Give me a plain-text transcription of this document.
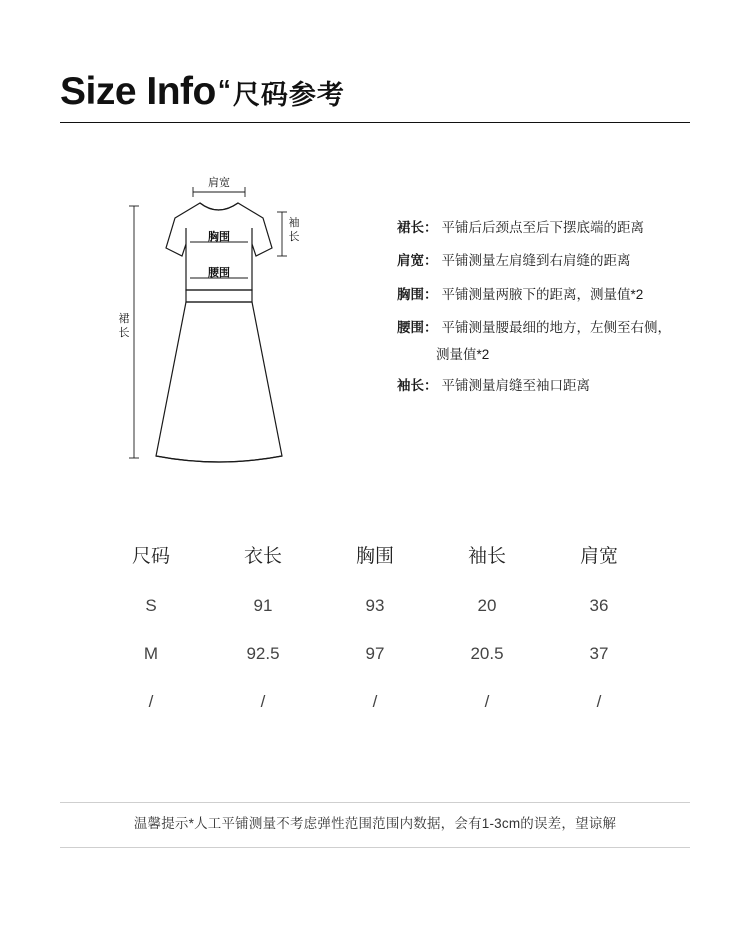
Size Info “ 尺码参考
肩宽
胸围
腰围
袖
长
裙
长
裙长 ： 平铺后后颈点至后下摆底端的距离
肩宽 ： 平铺测量左肩缝到右肩缝的距离
胸围 ： 平铺测量两腋下的距离，测量值*2
腰围 ： 平铺测量腰最细的地方，左侧至右侧，
测量值*2
袖长 ： 平铺测量肩缝至袖口距离
尺码	衣长	胸围	袖长	肩宽
S	91	93	20	36
M	92.5	97	20.5	37
/	/	/	/	/
温馨提示*人工平铺测量不考虑弹性范围范围内数据，会有1-3cm的误差，望谅解
